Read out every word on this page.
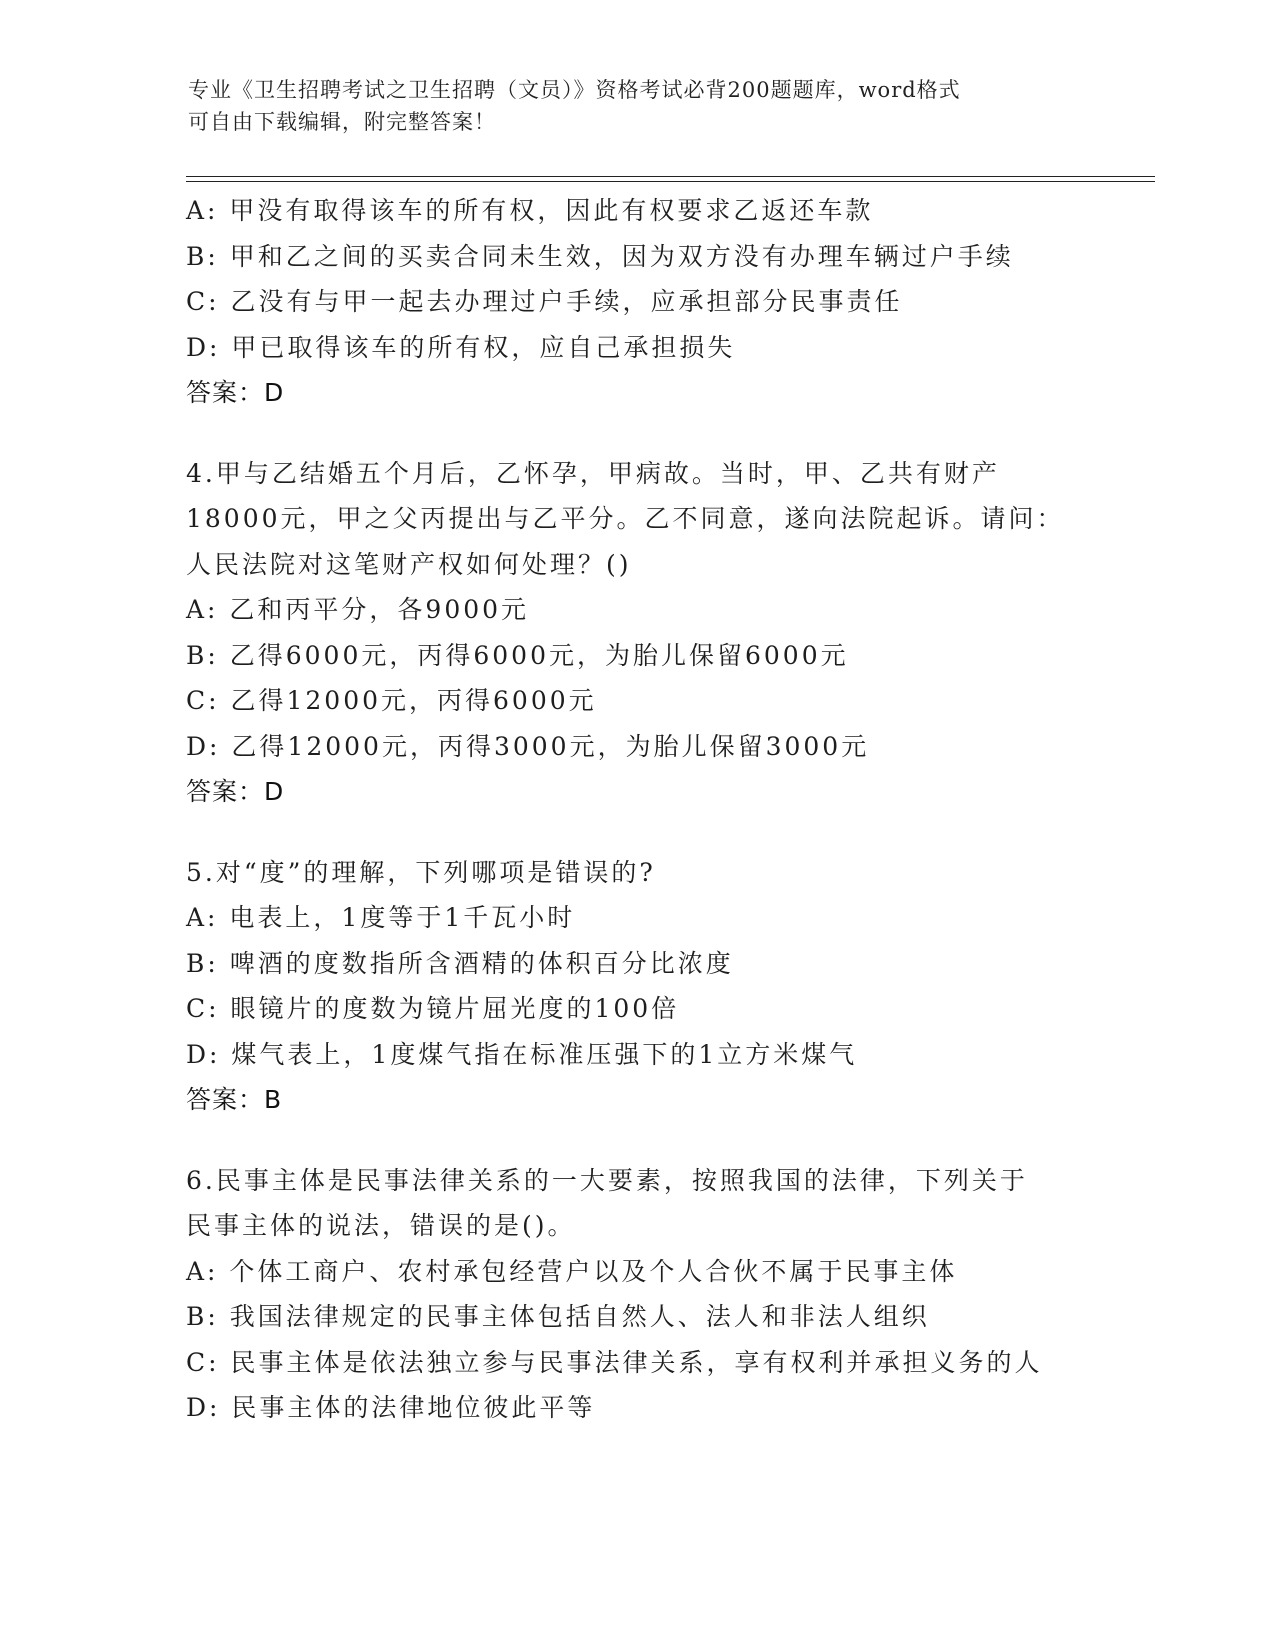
专业《卫生招聘考试之卫生招聘（文员）》资格考试必背200题题库，word格式
可自由下载编辑，附完整答案！
A: 甲没有取得该车的所有权，因此有权要求乙返还车款
B: 甲和乙之间的买卖合同未生效，因为双方没有办理车辆过户手续
C: 乙没有与甲一起去办理过户手续，应承担部分民事责任
D: 甲已取得该车的所有权，应自己承担损失
答案：D
4.甲与乙结婚五个月后，乙怀孕，甲病故。当时，甲、乙共有财产
18000元，甲之父丙提出与乙平分。乙不同意，遂向法院起诉。请问：
人民法院对这笔财产权如何处理？()
A: 乙和丙平分，各9000元
B: 乙得6000元，丙得6000元，为胎儿保留6000元
C: 乙得12000元，丙得6000元
D: 乙得12000元，丙得3000元，为胎儿保留3000元
答案：D
5.对“度”的理解，下列哪项是错误的?
A: 电表上，1度等于1千瓦小时
B: 啤酒的度数指所含酒精的体积百分比浓度
C: 眼镜片的度数为镜片屈光度的100倍
D: 煤气表上，1度煤气指在标准压强下的1立方米煤气
答案：B
6.民事主体是民事法律关系的一大要素，按照我国的法律，下列关于
民事主体的说法，错误的是()。
A: 个体工商户、农村承包经营户以及个人合伙不属于民事主体
B: 我国法律规定的民事主体包括自然人、法人和非法人组织
C: 民事主体是依法独立参与民事法律关系，享有权利并承担义务的人
D: 民事主体的法律地位彼此平等
